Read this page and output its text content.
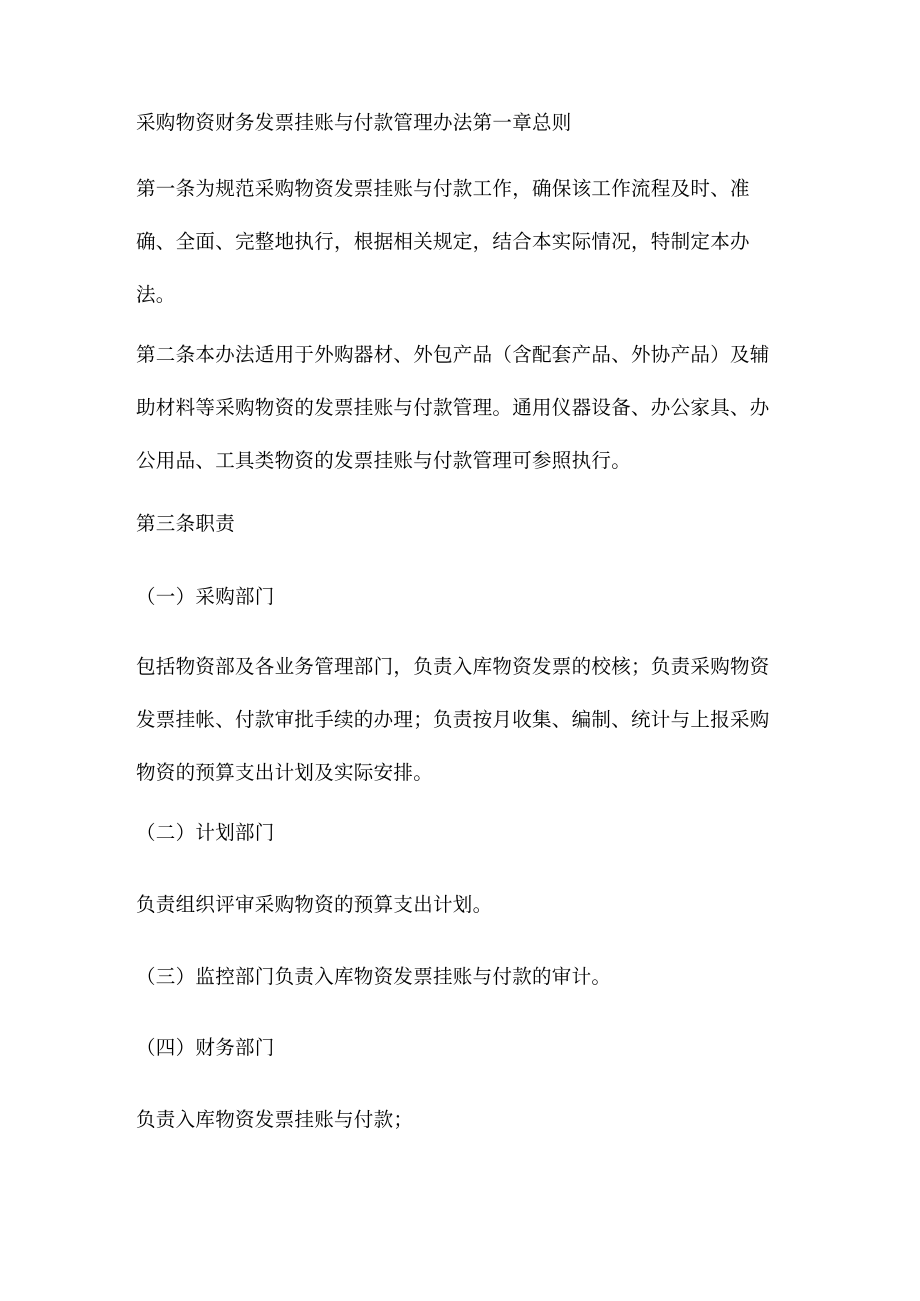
采购物资财务发票挂账与付款管理办法第一章总则

第一条为规范采购物资发票挂账与付款工作，确保该工作流程及时、准
确、全面、完整地执行，根据相关规定，结合本实际情况，特制定本办
法。

第二条本办法适用于外购器材、外包产品（含配套产品、外协产品）及辅
助材料等采购物资的发票挂账与付款管理。通用仪器设备、办公家具、办
公用品、工具类物资的发票挂账与付款管理可参照执行。

第三条职责

（一）采购部门

包括物资部及各业务管理部门，负责入库物资发票的校核；负责采购物资
发票挂帐、付款审批手续的办理；负责按月收集、编制、统计与上报采购
物资的预算支出计划及实际安排。

（二）计划部门

负责组织评审采购物资的预算支出计划。

（三）监控部门负责入库物资发票挂账与付款的审计。

（四）财务部门

负责入库物资发票挂账与付款；
